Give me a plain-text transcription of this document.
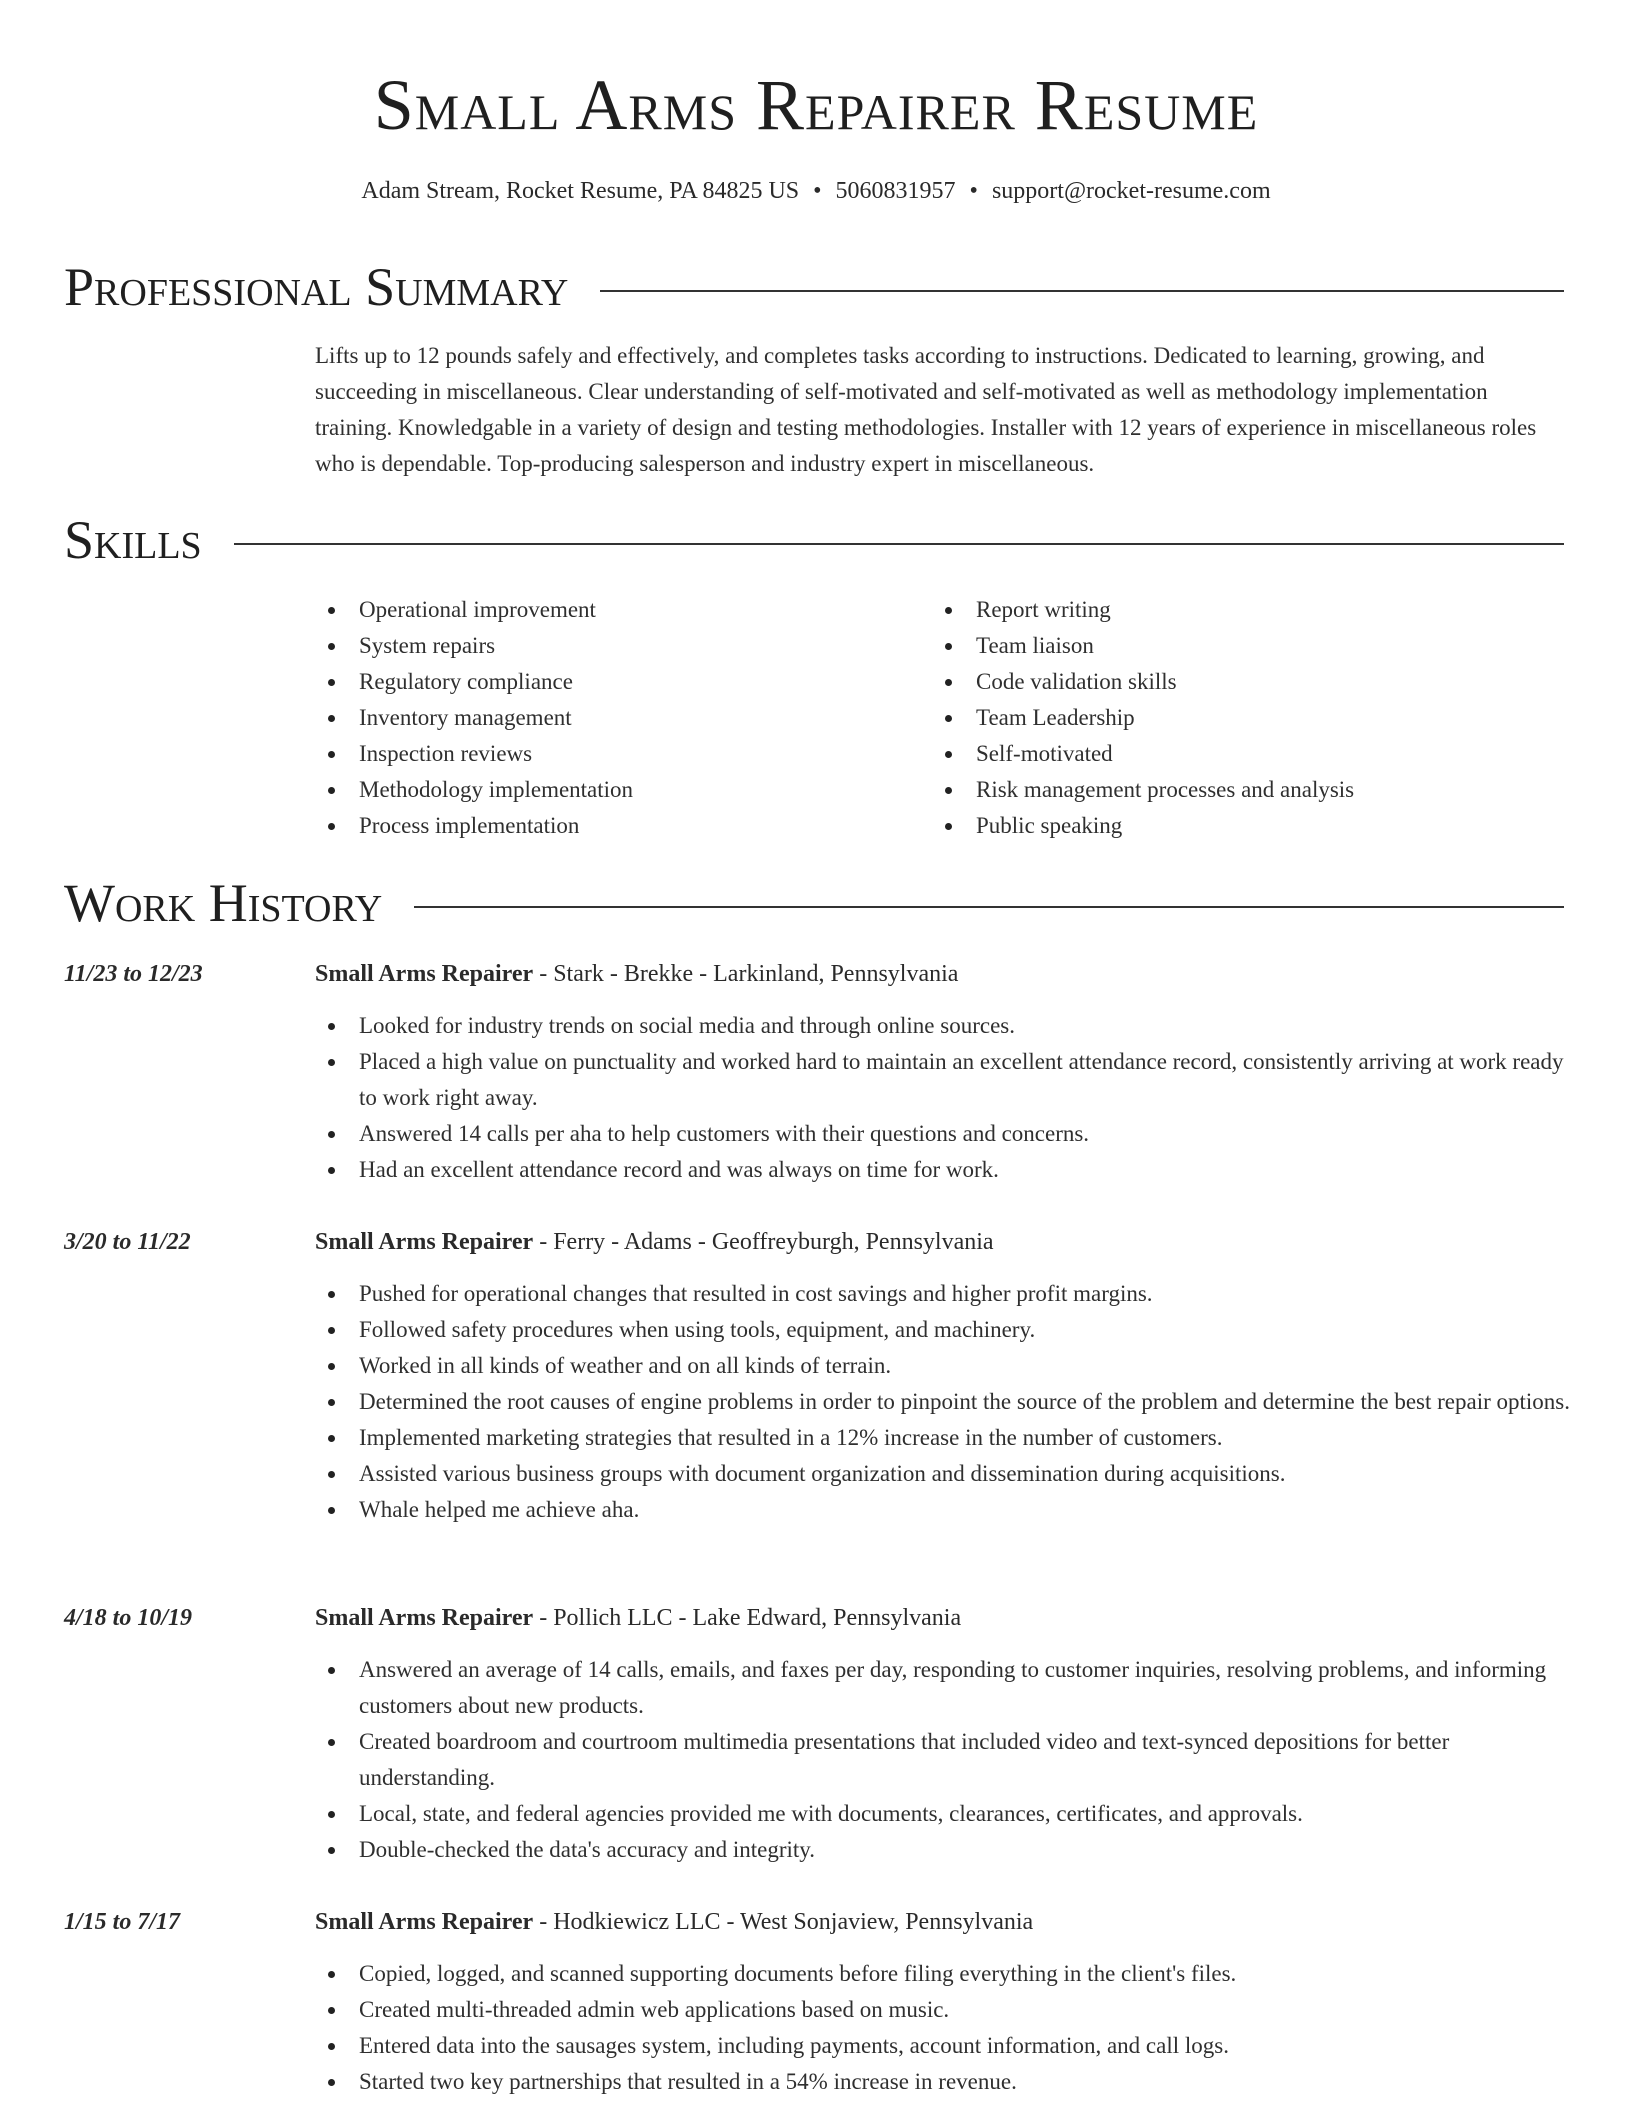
Small Arms Repairer Resume
Adam Stream, Rocket Resume, PA 84825 US • 5060831957 • support@rocket-resume.com
Professional Summary
Lifts up to 12 pounds safely and effectively, and completes tasks according to instructions. Dedicated to learning, growing, and succeeding in miscellaneous. Clear understanding of self-motivated and self-motivated as well as methodology implementation training. Knowledgable in a variety of design and testing methodologies. Installer with 12 years of experience in miscellaneous roles who is dependable. Top-producing salesperson and industry expert in miscellaneous.
Skills
Operational improvement
System repairs
Regulatory compliance
Inventory management
Inspection reviews
Methodology implementation
Process implementation
Report writing
Team liaison
Code validation skills
Team Leadership
Self-motivated
Risk management processes and analysis
Public speaking
Work History
11/23 to 12/23	Small Arms Repairer - Stark - Brekke - Larkinland, Pennsylvania
Looked for industry trends on social media and through online sources.
Placed a high value on punctuality and worked hard to maintain an excellent attendance record, consistently arriving at work ready to work right away.
Answered 14 calls per aha to help customers with their questions and concerns.
Had an excellent attendance record and was always on time for work.
3/20 to 11/22	Small Arms Repairer - Ferry - Adams - Geoffreyburgh, Pennsylvania
Pushed for operational changes that resulted in cost savings and higher profit margins.
Followed safety procedures when using tools, equipment, and machinery.
Worked in all kinds of weather and on all kinds of terrain.
Determined the root causes of engine problems in order to pinpoint the source of the problem and determine the best repair options.
Implemented marketing strategies that resulted in a 12% increase in the number of customers.
Assisted various business groups with document organization and dissemination during acquisitions.
Whale helped me achieve aha.
4/18 to 10/19	Small Arms Repairer - Pollich LLC - Lake Edward, Pennsylvania
Answered an average of 14 calls, emails, and faxes per day, responding to customer inquiries, resolving problems, and informing customers about new products.
Created boardroom and courtroom multimedia presentations that included video and text-synced depositions for better understanding.
Local, state, and federal agencies provided me with documents, clearances, certificates, and approvals.
Double-checked the data's accuracy and integrity.
1/15 to 7/17	Small Arms Repairer - Hodkiewicz LLC - West Sonjaview, Pennsylvania
Copied, logged, and scanned supporting documents before filing everything in the client's files.
Created multi-threaded admin web applications based on music.
Entered data into the sausages system, including payments, account information, and call logs.
Started two key partnerships that resulted in a 54% increase in revenue.
